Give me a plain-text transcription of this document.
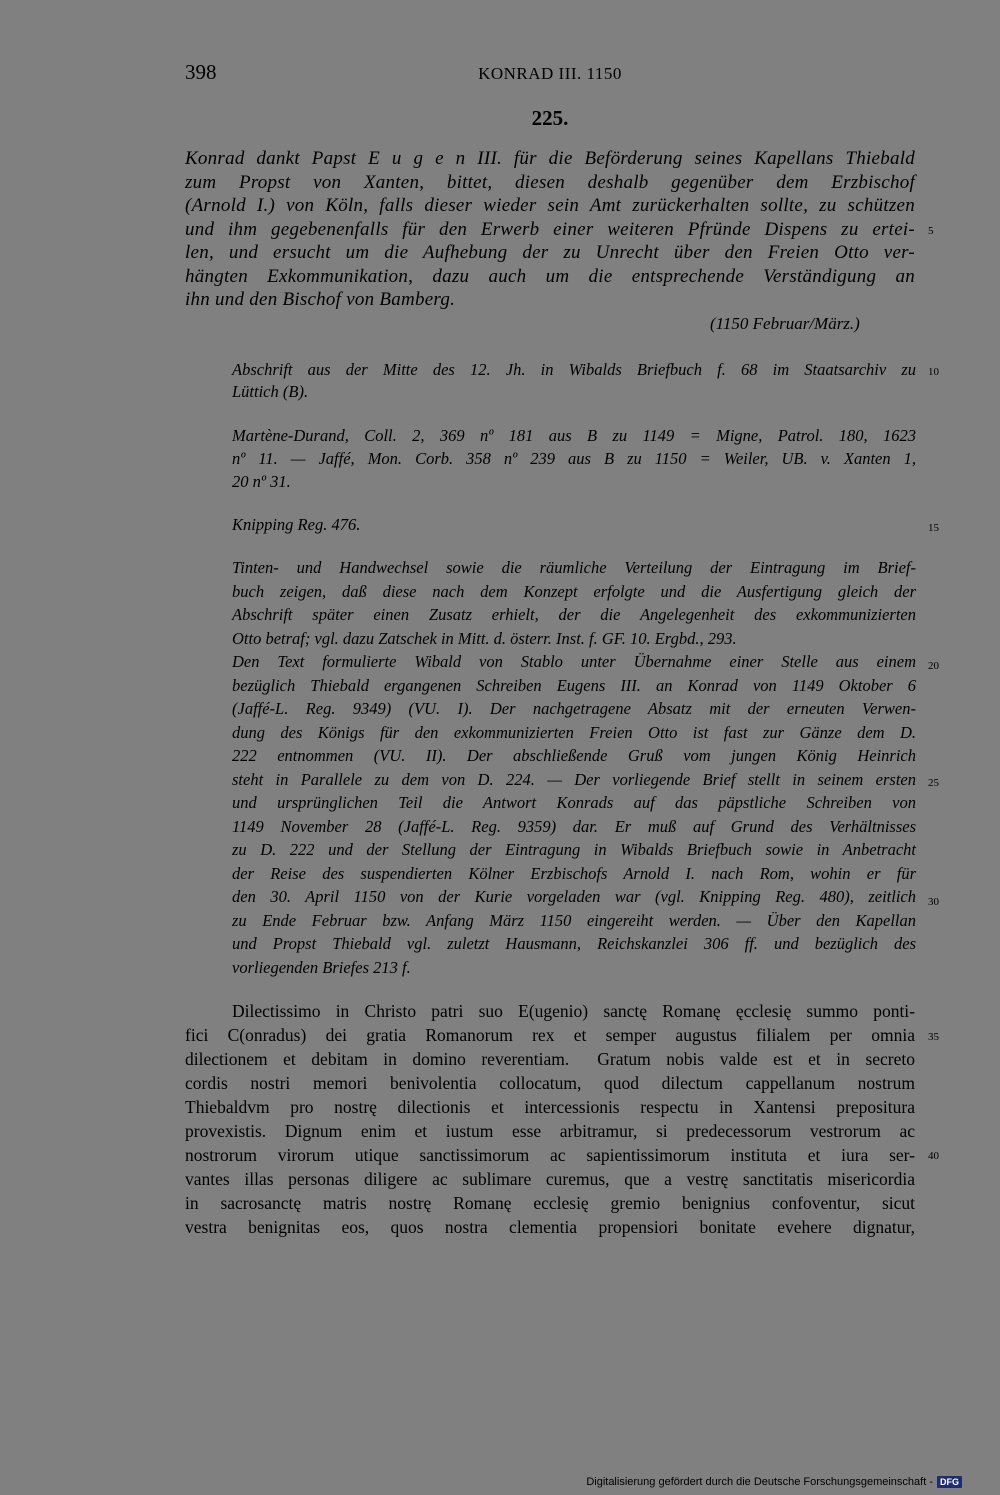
398	KONRAD III. 1150
225.
Konrad dankt Papst E u g e n III. für die Beförderung seines Kapellans Thiebald
zum Propst von Xanten, bittet, diesen deshalb gegenüber dem Erzbischof
(Arnold I.) von Köln, falls dieser wieder sein Amt zurückerhalten sollte, zu schützen
und ihm gegebenenfalls für den Erwerb einer weiteren Pfründe Dispens zu ertei-
len, und ersucht um die Aufhebung der zu Unrecht über den Freien Otto ver-
hängten Exkommunikation, dazu auch um die entsprechende Verständigung an
ihn und den Bischof von Bamberg.
(1150 Februar/März.)
Abschrift aus der Mitte des 12. Jh. in Wibalds Briefbuch f. 68 im Staatsarchiv zu
Lüttich (B).
Martène-Durand, Coll. 2, 369 nº 181 aus B zu 1149 = Migne, Patrol. 180, 1623
nº 11. — Jaffé, Mon. Corb. 358 nº 239 aus B zu 1150 = Weiler, UB. v. Xanten 1,
20 nº 31.
Knipping Reg. 476.
Tinten- und Handwechsel sowie die räumliche Verteilung der Eintragung im Brief-
buch zeigen, daß diese nach dem Konzept erfolgte und die Ausfertigung gleich der
Abschrift später einen Zusatz erhielt, der die Angelegenheit des exkommunizierten
Otto betraf; vgl. dazu Zatschek in Mitt. d. österr. Inst. f. GF. 10. Ergbd., 293.
Den Text formulierte Wibald von Stablo unter Übernahme einer Stelle aus einem
bezüglich Thiebald ergangenen Schreiben Eugens III. an Konrad von 1149 Oktober 6
(Jaffé-L. Reg. 9349) (VU. I). Der nachgetragene Absatz mit der erneuten Verwen-
dung des Königs für den exkommunizierten Freien Otto ist fast zur Gänze dem D.
222 entnommen (VU. II). Der abschließende Gruß vom jungen König Heinrich
steht in Parallele zu dem von D. 224. — Der vorliegende Brief stellt in seinem ersten
und ursprünglichen Teil die Antwort Konrads auf das päpstliche Schreiben von
1149 November 28 (Jaffé-L. Reg. 9359) dar. Er muß auf Grund des Verhältnisses
zu D. 222 und der Stellung der Eintragung in Wibalds Briefbuch sowie in Anbetracht
der Reise des suspendierten Kölner Erzbischofs Arnold I. nach Rom, wohin er für
den 30. April 1150 von der Kurie vorgeladen war (vgl. Knipping Reg. 480), zeitlich
zu Ende Februar bzw. Anfang März 1150 eingereiht werden. — Über den Kapellan
und Propst Thiebald vgl. zuletzt Hausmann, Reichskanzlei 306 ff. und bezüglich des
vorliegenden Briefes 213 f.
Dilectissimo in Christo patri suo E(ugenio) sanctę Romanę ęcclesię summo ponti-
fici C(onradus) dei gratia Romanorum rex et semper augustus filialem per omnia
dilectionem et debitam in domino reverentiam. Gratum nobis valde est et in secreto
cordis nostri memori benivolentia collocatum, quod dilectum cappellanum nostrum
Thiebaldvm pro nostrę dilectionis et intercessionis respectu in Xantensi prepositura
provexistis. Dignum enim et iustum esse arbitramur, si predecessorum vestrorum ac
nostrorum virorum utique sanctissimorum ac sapientissimorum instituta et iura ser-
vantes illas personas diligere ac sublimare curemus, que a vestrę sanctitatis misericordia
in sacrosanctę matris nostrę Romanę ecclesię gremio benignius confoventur, sicut
vestra benignitas eos, quos nostra clementia propensiori bonitate evehere dignatur,
5
10
15
20
25
30
35
40
Digitalisierung gefördert durch die Deutsche Forschungsgemeinschaft - DFG
